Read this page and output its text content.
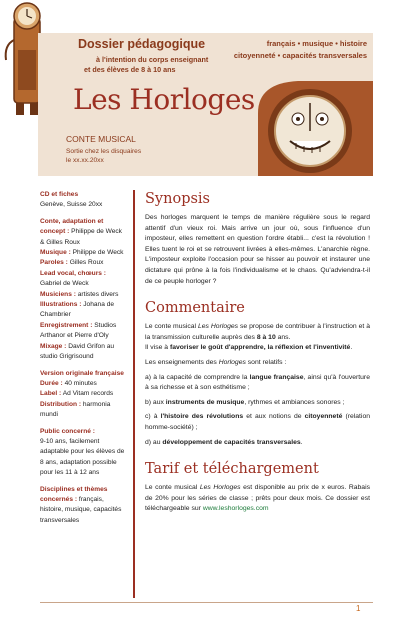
Dossier pédagogique
à l'intention du corps enseignant
et des élèves de 8 à 10 ans
français • musique • histoire
citoyenneté • capacités transversales
Les Horloges
CONTE MUSICAL
Sortie chez les disquaires
le xx.xx.20xx
CD et fiches
Genève, Suisse 20xx
Conte, adaptation et
concept : Philippe de Weck
& Gilles Roux
Musique : Philippe de Weck
Paroles : Gilles Roux
Lead vocal, chœurs :
Gabriel de Weck
Musiciens : artistes divers
Illustrations : Johana de
Chambrier
Enregistrement : Studios
Arthanor et Pierre d'Oly
Mixage : David Grifon au
studio Grigrisound
Version originale française
Durée : 40 minutes
Label : Ad Vitam records
Distribution : harmonia
mundi
Public concerné :
9-10 ans, facilement
adaptable pour les élèves de
8 ans, adaptation possible
pour les 11 à 12 ans
Disciplines et thèmes
concernés : français,
histoire, musique, capacités
transversales
Synopsis

Des horloges marquent le temps de manière régulière sous le regard attentif d'un vieux roi. Mais arrive un jour où, sous l'influence d'un imposteur, elles remettent en question l'ordre établi... c'est la révolution ! Elles tuent le roi et se retrouvent livrées à elles-mêmes. L'anarchie règne. L'imposteur exploite l'occasion pour se hisser au pouvoir et instaurer une dictature qui prône à la fois l'individualisme et le chaos. Qu'adviendra-t-il de ce peuple horloger ?

Commentaire

Le conte musical Les Horloges se propose de contribuer à l'instruction et à la transmission culturelle auprès des 8 à 10 ans.
Il vise à favoriser le goût d'apprendre, la réflexion et l'inventivité.

Les enseignements des Horloges sont relatifs :

a) à la capacité de comprendre la langue française, ainsi qu'à l'ouverture à sa richesse et à son esthétisme ;

b) aux instruments de musique, rythmes et ambiances sonores ;

c) à l'histoire des révolutions et aux notions de citoyenneté (relation homme-société) ;

d) au développement de capacités transversales.

Tarif et téléchargement

Le conte musical Les Horloges est disponible au prix de x euros. Rabais de 20% pour les séries de classe ; prêts pour deux mois. Ce dossier est téléchargeable sur www.leshorloges.com

1
